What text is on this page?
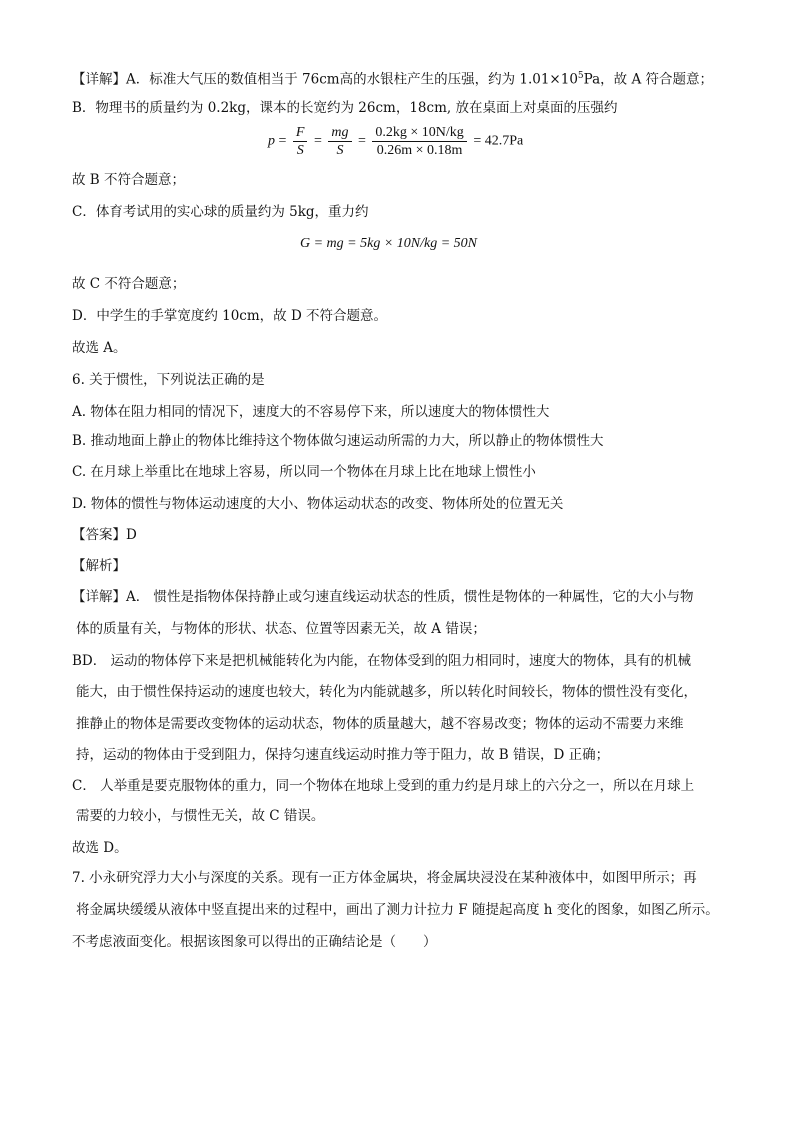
【详解】A．标准大气压的数值相当于 76cm高的水银柱产生的压强，约为 $1.01\times 10^5Pa$，故 A 符合题意；
B．物理书的质量约为 0.2kg，课本的长宽约为 26cm，18cm, 放在桌面上对桌面的压强约
$p = \frac{F}{S} = \frac{mg}{S} = \frac{0.2kg \times 10N/kg}{0.26m \times 0.18m} = 42.7Pa$
故 B 不符合题意；
C．体育考试用的实心球的质量约为 5kg，重力约
G = mg = 5kg × 10N/kg = 50N
故 C 不符合题意；
D．中学生的手掌宽度约 10cm，故 D 不符合题意。
故选 A。
6. 关于惯性，下列说法正确的是
A. 物体在阻力相同的情况下，速度大的不容易停下来，所以速度大的物体惯性大
B. 推动地面上静止的物体比维持这个物体做匀速运动所需的力大，所以静止的物体惯性大
C. 在月球上举重比在地球上容易，所以同一个物体在月球上比在地球上惯性小
D. 物体的惯性与物体运动速度的大小、物体运动状态的改变、物体所处的位置无关
【答案】D
【解析】
【详解】A． 惯性是指物体保持静止或匀速直线运动状态的性质，惯性是物体的一种属性，它的大小与物
体的质量有关，与物体的形状、状态、位置等因素无关，故 A 错误；
BD． 运动的物体停下来是把机械能转化为内能，在物体受到的阻力相同时，速度大的物体，具有的机械
能大，由于惯性保持运动的速度也较大，转化为内能就越多，所以转化时间较长，物体的惯性没有变化，
推静止的物体是需要改变物体的运动状态，物体的质量越大，越不容易改变；物体的运动不需要力来维
持，运动的物体由于受到阻力，保持匀速直线运动时推力等于阻力，故 B 错误，D 正确；
C． 人举重是要克服物体的重力，同一个物体在地球上受到的重力约是月球上的六分之一，所以在月球上
需要的力较小，与惯性无关，故 C 错误。
故选 D。
7. 小永研究浮力大小与深度的关系。现有一正方体金属块，将金属块浸没在某种液体中，如图甲所示；再
将金属块缓缓从液体中竖直提出来的过程中，画出了测力计拉力 F 随提起高度 h 变化的图象，如图乙所示。
不考虑液面变化。根据该图象可以得出的正确结论是（　　）
